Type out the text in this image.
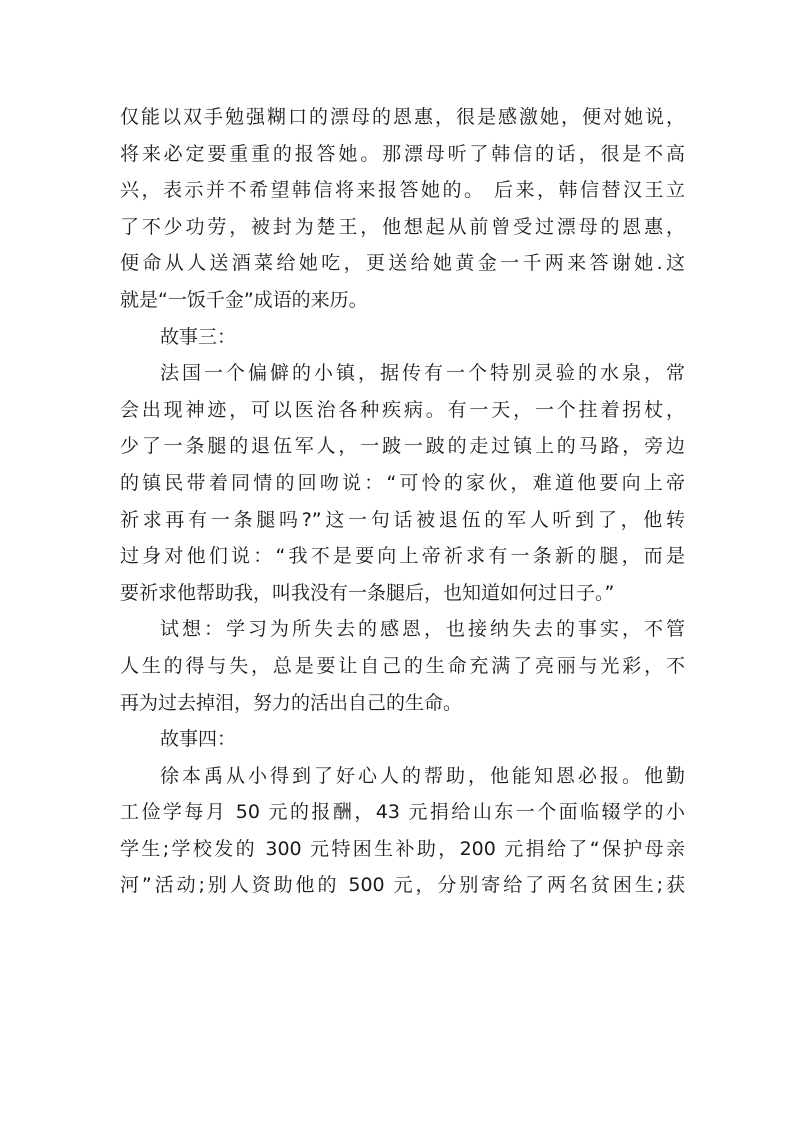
仅能以双手勉强糊口的漂母的恩惠，很是感激她，便对她说，
将来必定要重重的报答她。那漂母听了韩信的话，很是不高
兴，表示并不希望韩信将来报答她的。 后来，韩信替汉王立
了不少功劳，被封为楚王，他想起从前曾受过漂母的恩惠，
便命从人送酒菜给她吃，更送给她黄金一千两来答谢她.这
就是“一饭千金”成语的来历。
故事三：
法国一个偏僻的小镇，据传有一个特别灵验的水泉，常
会出现神迹，可以医治各种疾病。有一天，一个拄着拐杖，
少了一条腿的退伍军人，一跛一跛的走过镇上的马路，旁边
的镇民带着同情的回吻说：“可怜的家伙，难道他要向上帝
祈求再有一条腿吗?”这一句话被退伍的军人听到了，他转
过身对他们说：“我不是要向上帝祈求有一条新的腿，而是
要祈求他帮助我，叫我没有一条腿后，也知道如何过日子。”
试想：学习为所失去的感恩，也接纳失去的事实，不管
人生的得与失，总是要让自己的生命充满了亮丽与光彩，不
再为过去掉泪，努力的活出自己的生命。
故事四：
徐本禹从小得到了好心人的帮助，他能知恩必报。他勤
工俭学每月 50 元的报酬，43 元捐给山东一个面临辍学的小
学生;学校发的 300 元特困生补助，200 元捐给了“保护母亲
河”活动;别人资助他的 500 元，分别寄给了两名贫困生;获
